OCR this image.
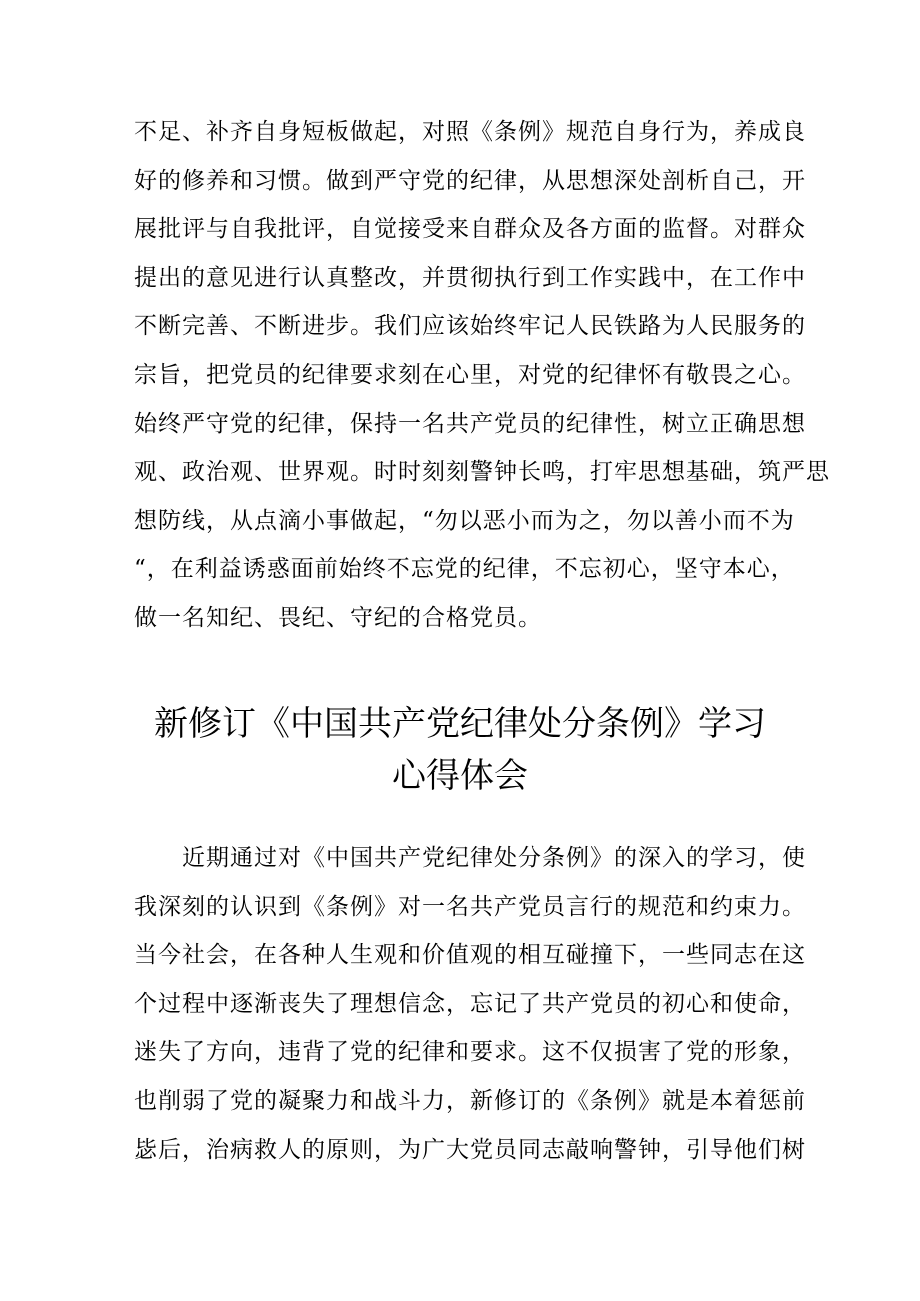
不足、补齐自身短板做起，对照《条例》规范自身行为，养成良
好的修养和习惯。做到严守党的纪律，从思想深处剖析自己，开
展批评与自我批评，自觉接受来自群众及各方面的监督。对群众
提出的意见进行认真整改，并贯彻执行到工作实践中，在工作中
不断完善、不断进步。我们应该始终牢记人民铁路为人民服务的
宗旨，把党员的纪律要求刻在心里，对党的纪律怀有敬畏之心。
始终严守党的纪律，保持一名共产党员的纪律性，树立正确思想
观、政治观、世界观。时时刻刻警钟长鸣，打牢思想基础，筑严思
想防线，从点滴小事做起，“勿以恶小而为之，勿以善小而不为
“，在利益诱惑面前始终不忘党的纪律，不忘初心，坚守本心，
做一名知纪、畏纪、守纪的合格党员。
新修订《中国共产党纪律处分条例》学习
心得体会
　　近期通过对《中国共产党纪律处分条例》的深入的学习，使
我深刻的认识到《条例》对一名共产党员言行的规范和约束力。
当今社会，在各种人生观和价值观的相互碰撞下，一些同志在这
个过程中逐渐丧失了理想信念，忘记了共产党员的初心和使命，
迷失了方向，违背了党的纪律和要求。这不仅损害了党的形象，
也削弱了党的凝聚力和战斗力，新修订的《条例》就是本着惩前
毖后，治病救人的原则，为广大党员同志敲响警钟，引导他们树
